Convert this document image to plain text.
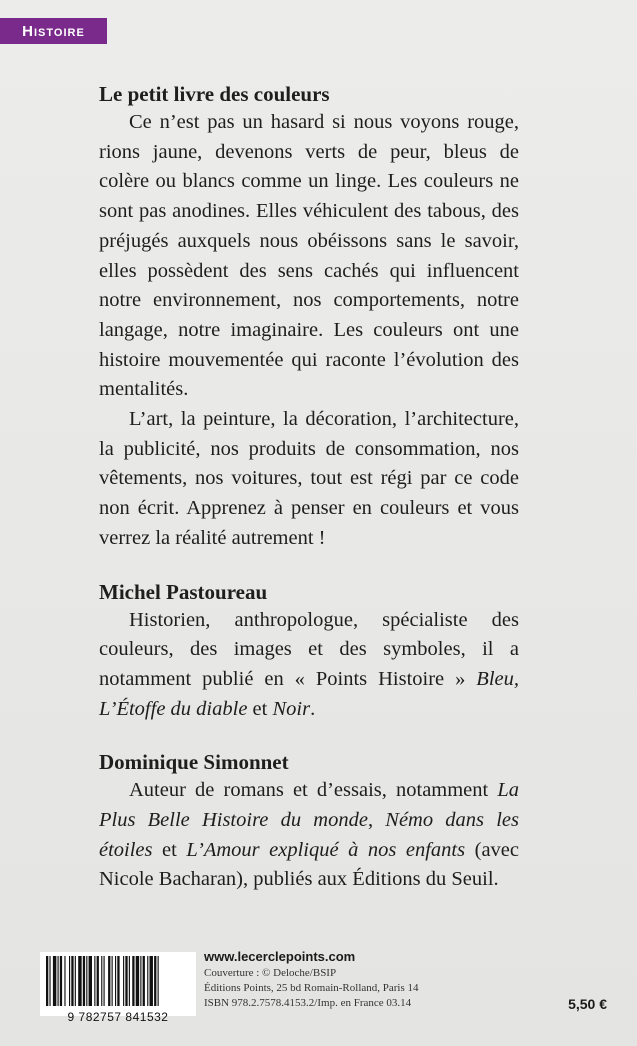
Histoire
Le petit livre des couleurs

Ce n’est pas un hasard si nous voyons rouge, rions jaune, devenons verts de peur, bleus de colère ou blancs comme un linge. Les couleurs ne sont pas anodines. Elles véhiculent des tabous, des préjugés auxquels nous obéissons sans le savoir, elles possèdent des sens cachés qui influencent notre environnement, nos comportements, notre langage, notre imaginaire. Les couleurs ont une histoire mouvementée qui raconte l’évolution des mentalités.

L’art, la peinture, la décoration, l’architecture, la publicité, nos produits de consommation, nos vêtements, nos voitures, tout est régi par ce code non écrit. Apprenez à penser en couleurs et vous verrez la réalité autrement !

Michel Pastoureau

Historien, anthropologue, spécialiste des couleurs, des images et des symboles, il a notamment publié en « Points Histoire » Bleu, L’Étoffe du diable et Noir.

Dominique Simonnet

Auteur de romans et d’essais, notamment La Plus Belle Histoire du monde, Némo dans les étoiles et L’Amour expliqué à nos enfants (avec Nicole Bacharan), publiés aux Éditions du Seuil.

9 782757 841532
www.lecerclepoints.com
Couverture : © Deloche/BSIP
Éditions Points, 25 bd Romain-Rolland, Paris 14
ISBN 978.2.7578.4153.2/Imp. en France 03.14	5,50 €
